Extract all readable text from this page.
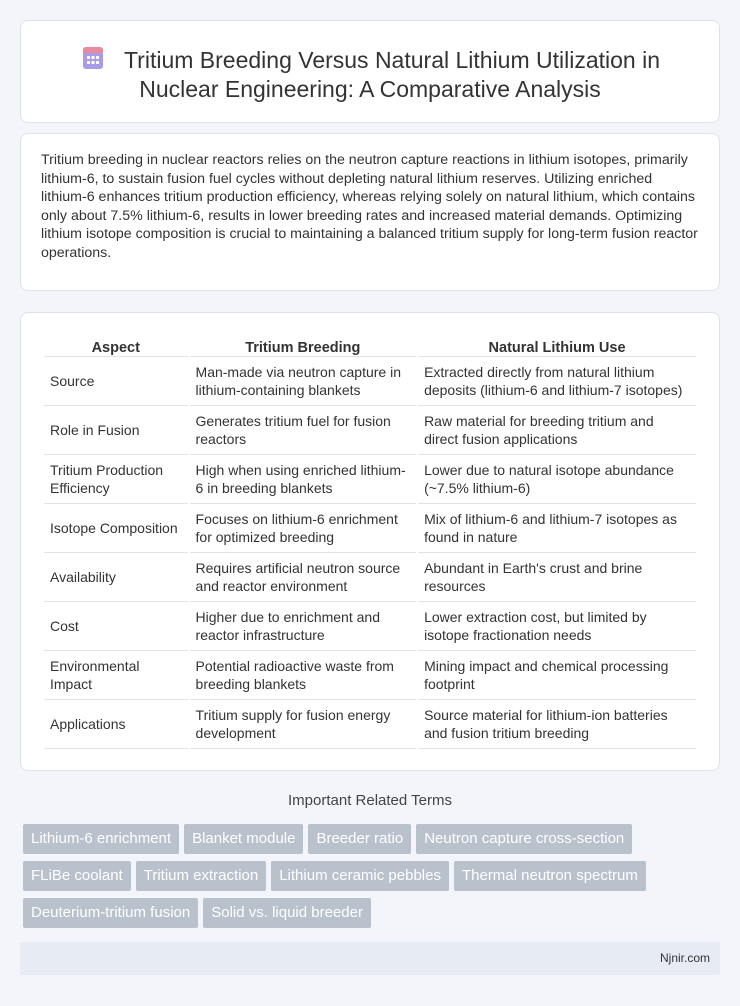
Tritium Breeding Versus Natural Lithium Utilization in Nuclear Engineering: A Comparative Analysis

Tritium breeding in nuclear reactors relies on the neutron capture reactions in lithium isotopes, primarily lithium-6, to sustain fusion fuel cycles without depleting natural lithium reserves. Utilizing enriched lithium-6 enhances tritium production efficiency, whereas relying solely on natural lithium, which contains only about 7.5% lithium-6, results in lower breeding rates and increased material demands. Optimizing lithium isotope composition is crucial to maintaining a balanced tritium supply for long-term fusion reactor operations.

Aspect	Tritium Breeding	Natural Lithium Use
Source	Man-made via neutron capture in lithium-containing blankets	Extracted directly from natural lithium deposits (lithium-6 and lithium-7 isotopes)
Role in Fusion	Generates tritium fuel for fusion reactors	Raw material for breeding tritium and direct fusion applications
Tritium Production Efficiency	High when using enriched lithium-6 in breeding blankets	Lower due to natural isotope abundance (~7.5% lithium-6)
Isotope Composition	Focuses on lithium-6 enrichment for optimized breeding	Mix of lithium-6 and lithium-7 isotopes as found in nature
Availability	Requires artificial neutron source and reactor environment	Abundant in Earth's crust and brine resources
Cost	Higher due to enrichment and reactor infrastructure	Lower extraction cost, but limited by isotope fractionation needs
Environmental Impact	Potential radioactive waste from breeding blankets	Mining impact and chemical processing footprint
Applications	Tritium supply for fusion energy development	Source material for lithium-ion batteries and fusion tritium breeding
Important Related Terms
Lithium-6 enrichment	Blanket module	Breeder ratio	Neutron capture cross-section
FLiBe coolant	Tritium extraction	Lithium ceramic pebbles	Thermal neutron spectrum
Deuterium-tritium fusion	Solid vs. liquid breeder
Njnir.com
